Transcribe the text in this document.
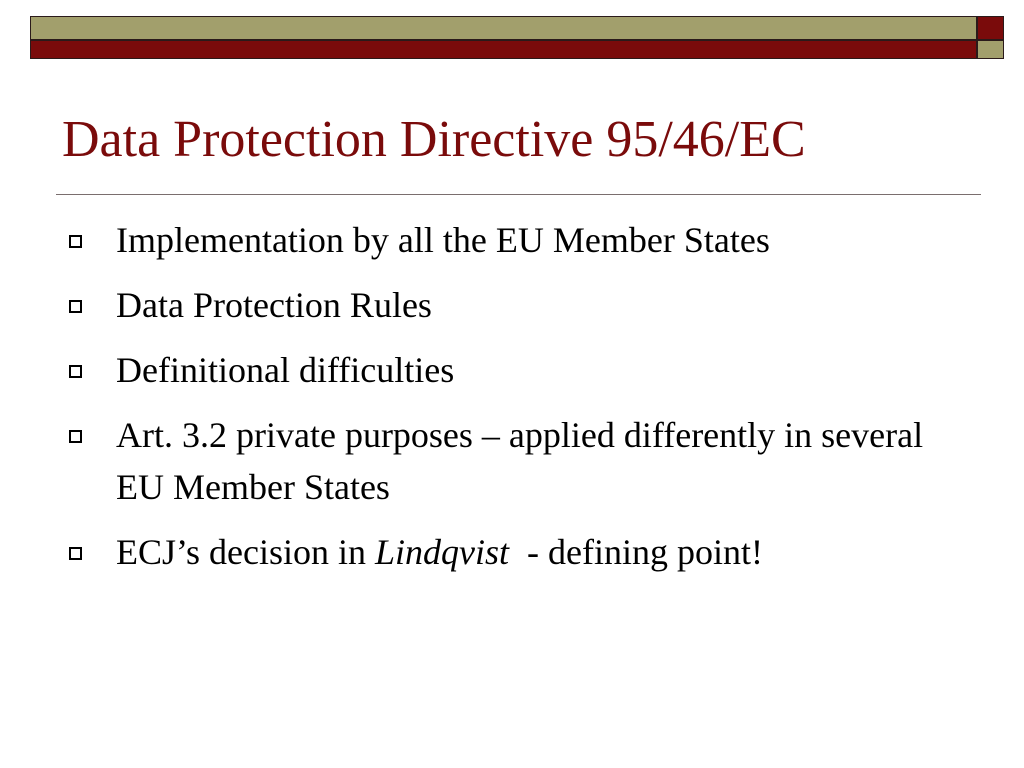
Data Protection Directive 95/46/EC
Implementation by all the EU Member States
Data Protection Rules
Definitional difficulties
Art. 3.2 private purposes – applied differently in several EU Member States
ECJ’s decision in Lindqvist  - defining point!
